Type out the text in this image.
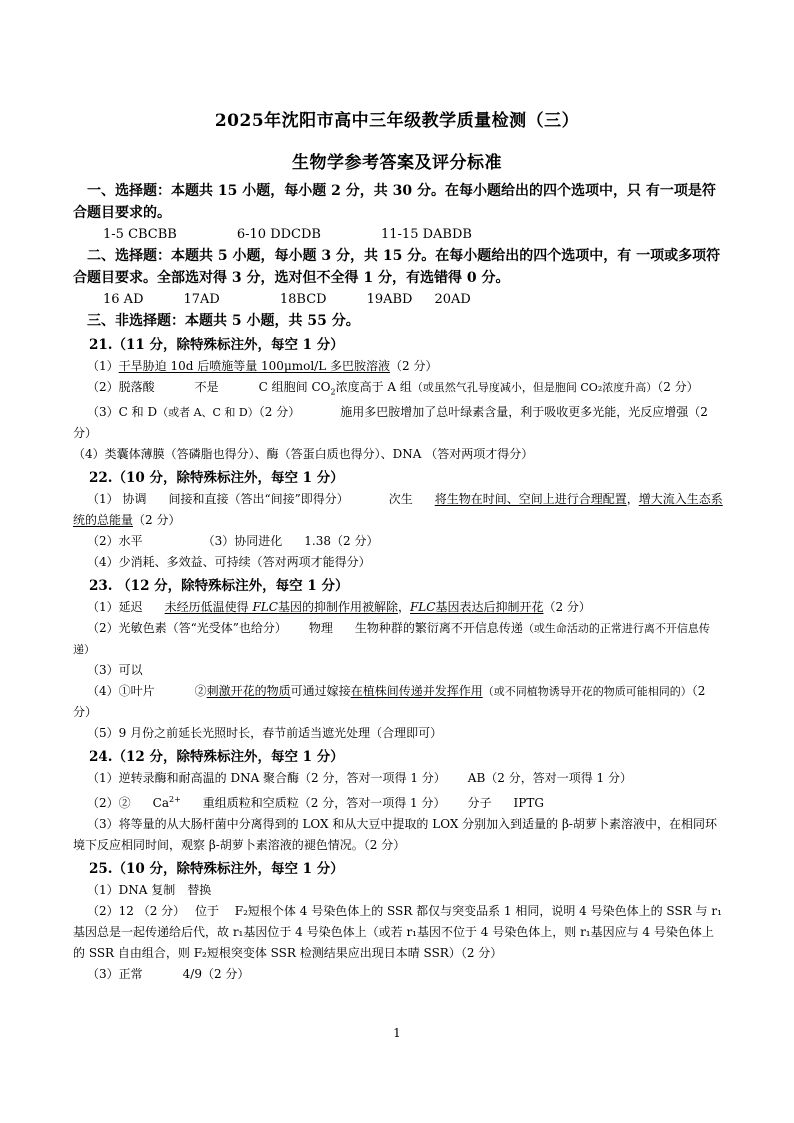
2025年沈阳市高中三年级教学质量检测（三）
生物学参考答案及评分标准

一、选择题：本题共 15 小题，每小题 2 分，共 30 分。在每小题给出的四个选项中，只 有一项是符合题目要求的。

1-5 CBCBB	6-10 DDCDB	11-15 DABDB

二、选择题：本题共 5 小题，每小题 3 分，共 15 分。在每小题给出的四个选项中，有 一项或多项符合题目要求。全部选对得 3 分，选对但不全得 1 分，有选错得 0 分。

16 AD	17AD	18BCD	19ABD 20AD

三、非选择题：本题共 5 小题，共 55 分。

21.（11 分，除特殊标注外，每空 1 分）

（1）干旱胁迫 10d 后喷施等量 100μmol/L 多巴胺溶液（2 分）

（2）脱落酸	不是	C 组胞间 $CO_2$浓度高于 A 组（或虽然气孔导度减小，但是胞间 CO₂浓度升高）（2 分）

（3）C 和 D（或者 A、C 和 D）（2 分）	施用多巴胺增加了总叶绿素含量，利于吸收更多光能，光反应增强（2 分）

（4）类囊体薄膜（答磷脂也得分）、酶（答蛋白质也得分）、DNA （答对两项才得分）

22.（10 分，除特殊标注外，每空 1 分）

（1） 协调 间接和直接（答出“间接”即得分）	次生 将生物在时间、空间上进行合理配置，增大流入生态系统的总能量（2 分）

（2）水平	（3）协同进化 1.38（2 分）

（4）少消耗、多效益、可持续（答对两项才能得分）

23. （12 分，除特殊标注外，每空 1 分）

（1）延迟 未经历低温使得 FLC基因的抑制作用被解除，FLC基因表达后抑制开花（2 分）

（2）光敏色素（答“光受体”也给分） 物理 生物种群的繁衍离不开信息传递（或生命活动的正常进行离不开信息传递）

（3）可以

（4）①叶片	②刺激开花的物质可通过嫁接在植株间传递并发挥作用（或不同植物诱导开花的物质可能相同的）（2 分）

（5）9 月份之前延长光照时长，春节前适当遮光处理（合理即可）

24.（12 分，除特殊标注外，每空 1 分）

（1）逆转录酶和耐高温的 DNA 聚合酶（2 分，答对一项得 1 分） AB（2 分，答对一项得 1 分）

（2）② $Ca^{2+}$ 重组质粒和空质粒（2 分，答对一项得 1 分） 分子 IPTG

（3）将等量的从大肠杆菌中分离得到的 LOX 和从大豆中提取的 LOX 分别加入到适量的 β-胡萝卜素溶液中，在相同环境下反应相同时间，观察 β-胡萝卜素溶液的褪色情况。（2 分）

25.（10 分，除特殊标注外，每空 1 分）

（1）DNA 复制　替换

（2）12 （2 分）　 位于　 F₂短根个体 4 号染色体上的 SSR 都仅与突变品系 1 相同，说明 4 号染色体上的 SSR 与 r₁基因总是一起传递给后代，故 r₁基因位于 4 号染色体上（或若 r₁基因不位于 4 号染色体上，则 r₁基因应与 4 号染色体上的 SSR 自由组合，则 F₂短根突变体 SSR 检测结果应出现日本晴 SSR）（2 分）

（3）正常	4/9（2 分）

1
